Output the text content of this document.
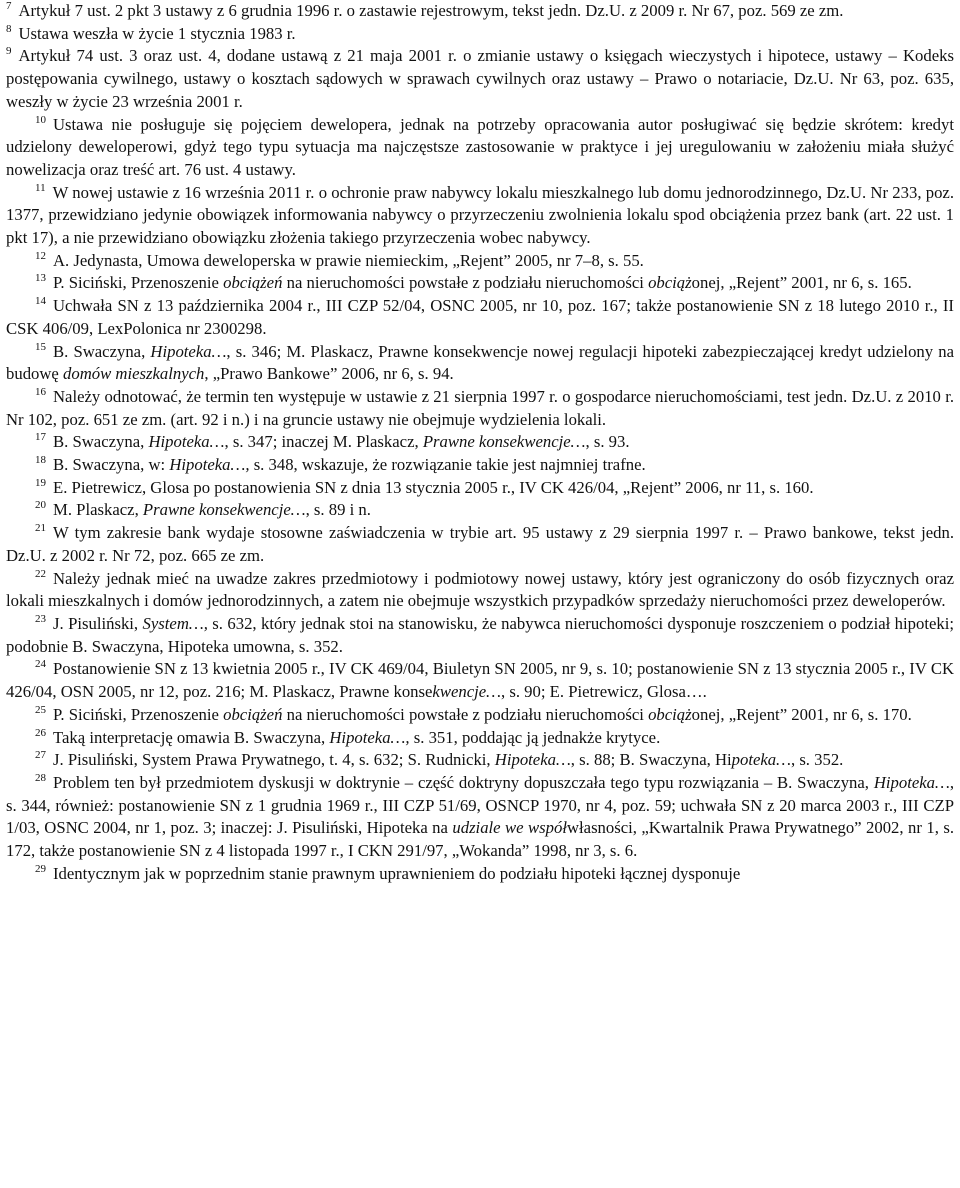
$^7$ Artykuł 7 ust. 2 pkt 3 ustawy z 6 grudnia 1996 r. o zastawie rejestrowym, tekst jedn. Dz.U. z 2009 r. Nr 67, poz. 569 ze zm.

$^8$ Ustawa weszła w życie 1 stycznia 1983 r.

$^9$ Artykuł 74 ust. 3 oraz ust. 4, dodane ustawą z 21 maja 2001 r. o zmianie ustawy o księgach wieczystych i hipotece, ustawy – Kodeks postępowania cywilnego, ustawy o kosztach sądowych w sprawach cywilnych oraz ustawy – Prawo o notariacie, Dz.U. Nr 63, poz. 635, weszły w życie 23 września 2001 r.

$^{10}$ Ustawa nie posługuje się pojęciem dewelopera, jednak na potrzeby opracowania autor posługiwać się będzie skrótem: kredyt udzielony deweloperowi, gdyż tego typu sytuacja ma najczęstsze zastosowanie w praktyce i jej uregulowaniu w założeniu miała służyć nowelizacja oraz treść art. 76 ust. 4 ustawy.

$^{11}$ W nowej ustawie z 16 września 2011 r. o ochronie praw nabywcy lokalu mieszkalnego lub domu jednorodzinnego, Dz.U. Nr 233, poz. 1377, przewidziano jedynie obowiązek informowania nabywcy o przyrzeczeniu zwolnienia lokalu spod obciążenia przez bank (art. 22 ust. 1 pkt 17), a nie przewidziano obowiązku złożenia takiego przyrzeczenia wobec nabywcy.

$^{12}$ A. Jedynasta, Umowa deweloperska w prawie niemieckim, „Rejent” 2005, nr 7–8, s. 55.

$^{13}$ P. Siciński, Przenoszenie obciążeń na nieruchomości powstałe z podziału nieruchomości obciążonej, „Rejent” 2001, nr 6, s. 165.

$^{14}$ Uchwała SN z 13 października 2004 r., III CZP 52/04, OSNC 2005, nr 10, poz. 167; także postanowienie SN z 18 lutego 2010 r., II CSK 406/09, LexPolonica nr 2300298.

$^{15}$ B. Swaczyna, Hipoteka…, s. 346; M. Plaskacz, Prawne konsekwencje nowej regulacji hipoteki zabezpieczającej kredyt udzielony na budowę domów mieszkalnych, „Prawo Bankowe” 2006, nr 6, s. 94.

$^{16}$ Należy odnotować, że termin ten występuje w ustawie z 21 sierpnia 1997 r. o gospodarce nieruchomościami, test jedn. Dz.U. z 2010 r. Nr 102, poz. 651 ze zm. (art. 92 i n.) i na gruncie ustawy nie obejmuje wydzielenia lokali.

$^{17}$ B. Swaczyna, Hipoteka…, s. 347; inaczej M. Plaskacz, Prawne konsekwencje…, s. 93.

$^{18}$ B. Swaczyna, w: Hipoteka…, s. 348, wskazuje, że rozwiązanie takie jest najmniej trafne.

$^{19}$ E. Pietrewicz, Glosa po postanowienia SN z dnia 13 stycznia 2005 r., IV CK 426/04, „Rejent” 2006, nr 11, s. 160.

$^{20}$ M. Plaskacz, Prawne konsekwencje…, s. 89 i n.

$^{21}$ W tym zakresie bank wydaje stosowne zaświadczenia w trybie art. 95 ustawy z 29 sierpnia 1997 r. – Prawo bankowe, tekst jedn. Dz.U. z 2002 r. Nr 72, poz. 665 ze zm.

$^{22}$ Należy jednak mieć na uwadze zakres przedmiotowy i podmiotowy nowej ustawy, który jest ograniczony do osób fizycznych oraz lokali mieszkalnych i domów jednorodzinnych, a zatem nie obejmuje wszystkich przypadków sprzedaży nieruchomości przez deweloperów.

$^{23}$ J. Pisuliński, System…, s. 632, który jednak stoi na stanowisku, że nabywca nieruchomości dysponuje roszczeniem o podział hipoteki; podobnie B. Swaczyna, Hipoteka umowna, s. 352.

$^{24}$ Postanowienie SN z 13 kwietnia 2005 r., IV CK 469/04, Biuletyn SN 2005, nr 9, s. 10; postanowienie SN z 13 stycznia 2005 r., IV CK 426/04, OSN 2005, nr 12, poz. 216; M. Plaskacz, Prawne konsekwencje…, s. 90; E. Pietrewicz, Glosa….

$^{25}$ P. Siciński, Przenoszenie obciążeń na nieruchomości powstałe z podziału nieruchomości obciążonej, „Rejent” 2001, nr 6, s. 170.

$^{26}$ Taką interpretację omawia B. Swaczyna, Hipoteka…, s. 351, poddając ją jednakże krytyce.

$^{27}$ J. Pisuliński, System Prawa Prywatnego, t. 4, s. 632; S. Rudnicki, Hipoteka…, s. 88; B. Swaczyna, Hipoteka…, s. 352.

$^{28}$ Problem ten był przedmiotem dyskusji w doktrynie – część doktryny dopuszczała tego typu rozwiązania – B. Swaczyna, Hipoteka…, s. 344, również: postanowienie SN z 1 grudnia 1969 r., III CZP 51/69, OSNCP 1970, nr 4, poz. 59; uchwała SN z 20 marca 2003 r., III CZP 1/03, OSNC 2004, nr 1, poz. 3; inaczej: J. Pisuliński, Hipoteka na udziale we współwłasności, „Kwartalnik Prawa Prywatnego” 2002, nr 1, s. 172, także postanowienie SN z 4 listopada 1997 r., I CKN 291/97, „Wokanda” 1998, nr 3, s. 6.

$^{29}$ Identycznym jak w poprzednim stanie prawnym uprawnieniem do podziału hipoteki łącznej dysponuje
